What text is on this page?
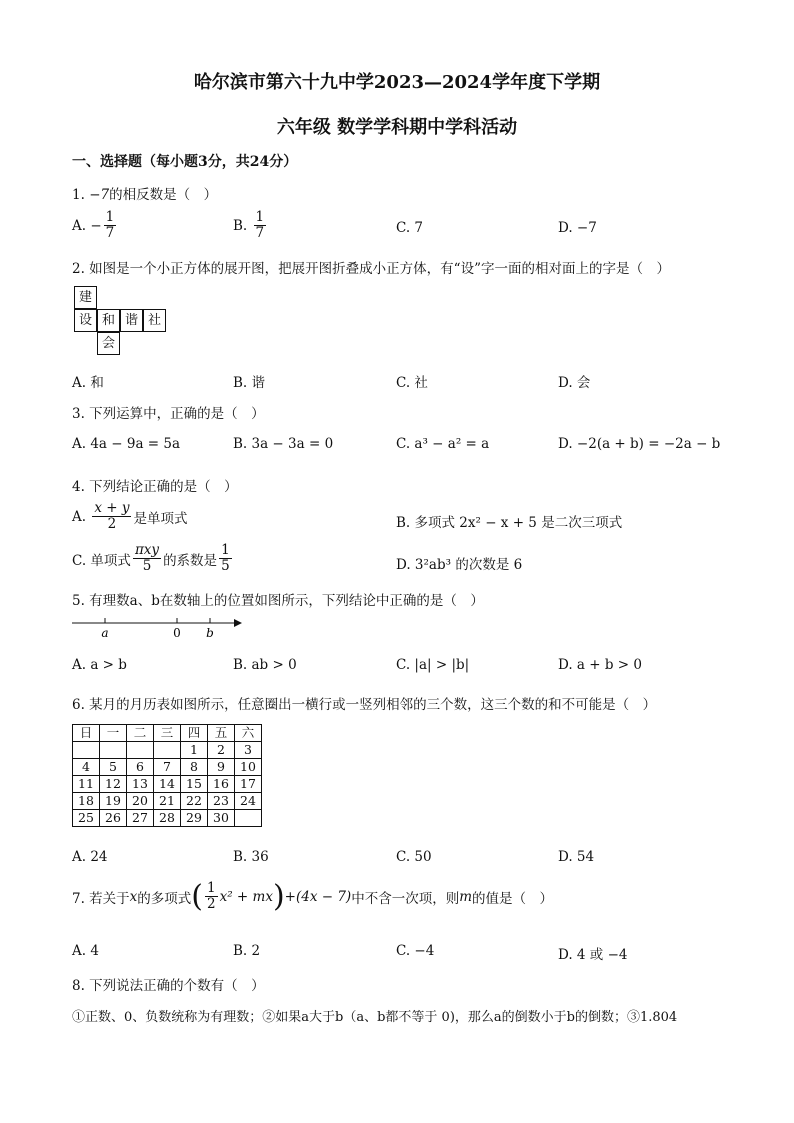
哈尔滨市第六十九中学2023—2024学年度下学期
六年级 数学学科期中学科活动
一、选择题（每小题3分，共24分）
1. −7的相反数是（　）
A.
− $\frac{1}{7}$	B.
$\frac{1}{7}$	C. 7	D. −7
2. 如图是一个小正方体的展开图，把展开图折叠成小正方体，有“设”字一面的相对面上的字是（　）
建
设 和 谐 社
会
A. 和	B. 谐	C. 社	D. 会
3. 下列运算中，正确的是（　）
A. 4a − 9a = 5a	B. 3a − 3a = 0	C. a³ − a² = a	D. −2(a + b) = −2a − b
4. 下列结论正确的是（　）
A.
$\frac{x + y}{2}$ 是单项式	B. 多项式 2x² − x + 5 是二次三项式
C. 单项式 $\frac{\text{πxy}}{5}$ 的系数是 $\frac{1}{5}$	D. 3²ab³ 的次数是 6
5. 有理数a、b在数轴上的位置如图所示，下列结论中正确的是（　）
a	0 b
A. a > b	B. ab > 0	C. |a| > |b|	D. a + b > 0
6. 某月的月历表如图所示，任意圈出一横行或一竖列相邻的三个数，这三个数的和不可能是（　）
日	一	二	三	四	五	六
				1	2	3
4	5	6	7	8	9	10
11	12	13	14	15	16	17
18	19	20	21	22	23	24
25	26	27	28	29	30	
A. 24	B. 36	C. 50	D. 54
7. 若关于 x 的多项式 ( $\frac{1}{2} x^2$ + mx ) +(4x − 7) 中不含一次项，则 m 的值是（　）
A. 4	B. 2	C. −4	D. 4 或 −4
8. 下列说法正确的个数有（　）
①正数、0、负数统称为有理数；②如果a大于b（a、b都不等于 0)，那么a的倒数小于b的倒数；③1.804
